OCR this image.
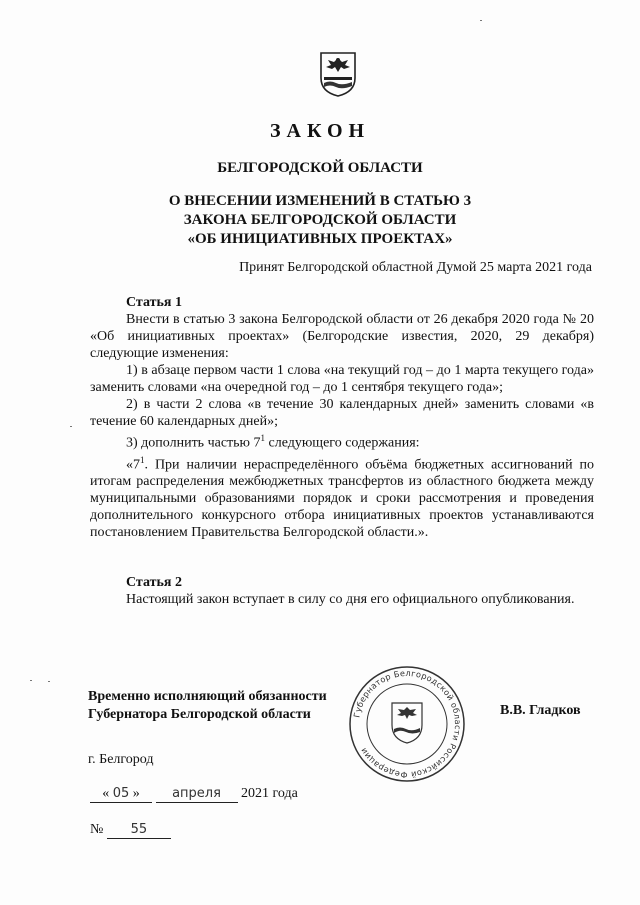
ЗАКОН
БЕЛГОРОДСКОЙ ОБЛАСТИ
О ВНЕСЕНИИ ИЗМЕНЕНИЙ В СТАТЬЮ 3
ЗАКОНА БЕЛГОРОДСКОЙ ОБЛАСТИ
«ОБ ИНИЦИАТИВНЫХ ПРОЕКТАХ»
Принят Белгородской областной Думой 25 марта 2021 года
Статья 1

Внести в статью 3 закона Белгородской области от 26 декабря 2020 года № 20 «Об инициативных проектах» (Белгородские известия, 2020, 29 декабря) следующие изменения:

1) в абзаце первом части 1 слова «на текущий год – до 1 марта текущего года» заменить словами «на очередной год – до 1 сентября текущего года»;

2) в части 2 слова «в течение 30 календарных дней» заменить словами «в течение 60 календарных дней»;

3) дополнить частью $7^1$ следующего содержания:

«$7^1$. При наличии нераспределённого объёма бюджетных ассигнований по итогам распределения межбюджетных трансфертов из областного бюджета между муниципальными образованиями порядок и сроки рассмотрения и проведения дополнительного конкурсного отбора инициативных проектов устанавливаются постановлением Правительства Белгородской области.».

Статья 2

Настоящий закон вступает в силу со дня его официального опубликования.

Временно исполняющий обязанности
Губернатора Белгородской области	Губернатор Белгородской области Российской Федерации
В.В. Гладков
г. Белгород
« 05 » апреля 2021 года
№ 55
